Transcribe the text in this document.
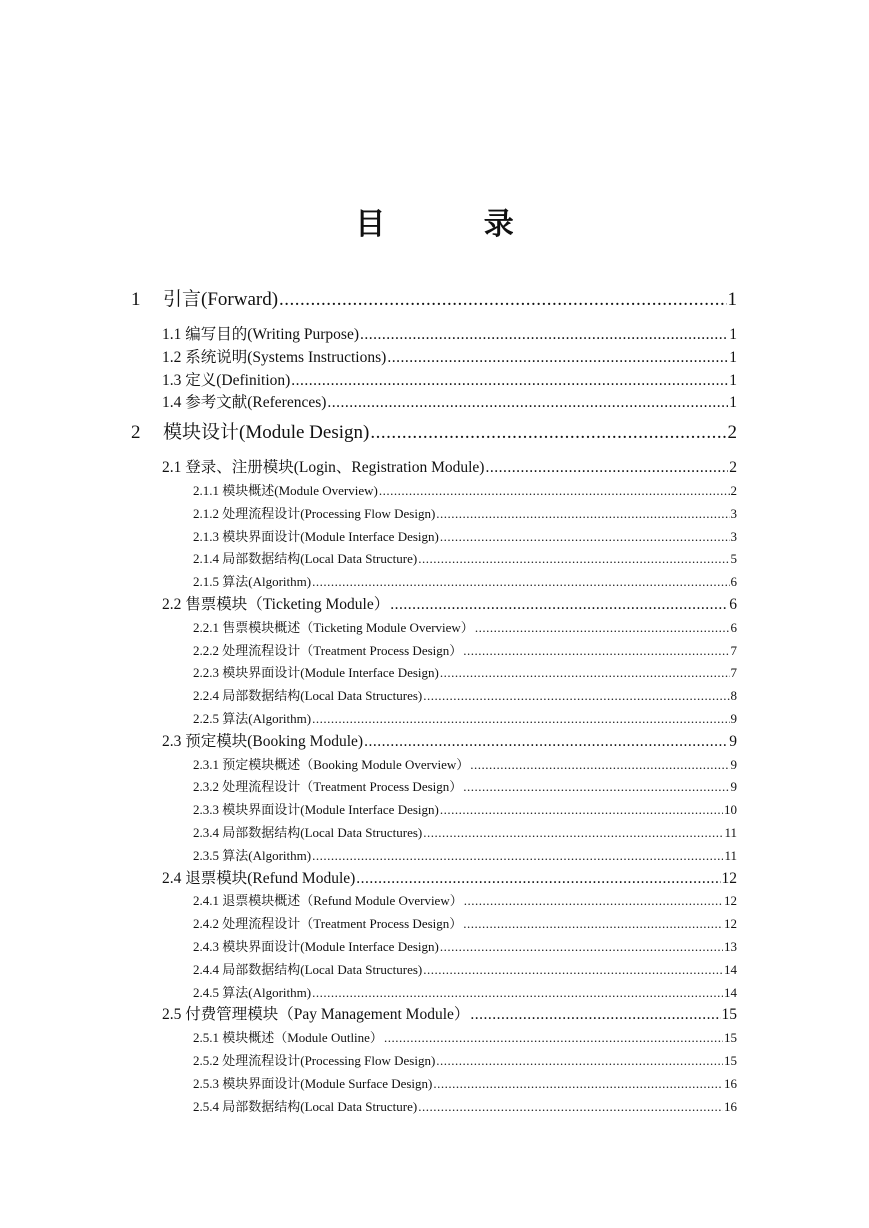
目 录
1 引言(Forward) .....	1
1.1 编写目的(Writing Purpose) .....	1
1.2 系统说明(Systems Instructions) .....	1
1.3 定义(Definition) .....	1
1.4 参考文献(References) .....	1
2 模块设计(Module Design) .....	2
2.1 登录、注册模块(Login、Registration Module) .....	2
2.1.1 模块概述(Module Overview) .....	2
2.1.2 处理流程设计(Processing Flow Design) .....	3
2.1.3 模块界面设计(Module Interface Design) .....	3
2.1.4 局部数据结构(Local Data Structure) .....	5
2.1.5 算法(Algorithm) .....	6
2.2 售票模块（Ticketing Module） .....	6
2.2.1 售票模块概述（Ticketing Module Overview） .....	6
2.2.2 处理流程设计（Treatment Process Design） .....	7
2.2.3 模块界面设计(Module Interface Design) .....	7
2.2.4 局部数据结构(Local Data Structures) .....	8
2.2.5 算法(Algorithm) .....	9
2.3 预定模块(Booking Module) .....	9
2.3.1 预定模块概述（Booking Module Overview） .....	9
2.3.2 处理流程设计（Treatment Process Design） .....	9
2.3.3 模块界面设计(Module Interface Design) .....	10
2.3.4 局部数据结构(Local Data Structures) .....	11
2.3.5 算法(Algorithm) .....	11
2.4 退票模块(Refund Module) .....	12
2.4.1 退票模块概述（Refund Module Overview） .....	12
2.4.2 处理流程设计（Treatment Process Design） .....	12
2.4.3 模块界面设计(Module Interface Design) .....	13
2.4.4 局部数据结构(Local Data Structures) .....	14
2.4.5 算法(Algorithm) .....	14
2.5 付费管理模块（Pay Management Module） .....	15
2.5.1 模块概述（Module Outline） .....	15
2.5.2 处理流程设计(Processing Flow Design) .....	15
2.5.3 模块界面设计(Module Surface Design) .....	16
2.5.4 局部数据结构(Local Data Structure) .....	16
